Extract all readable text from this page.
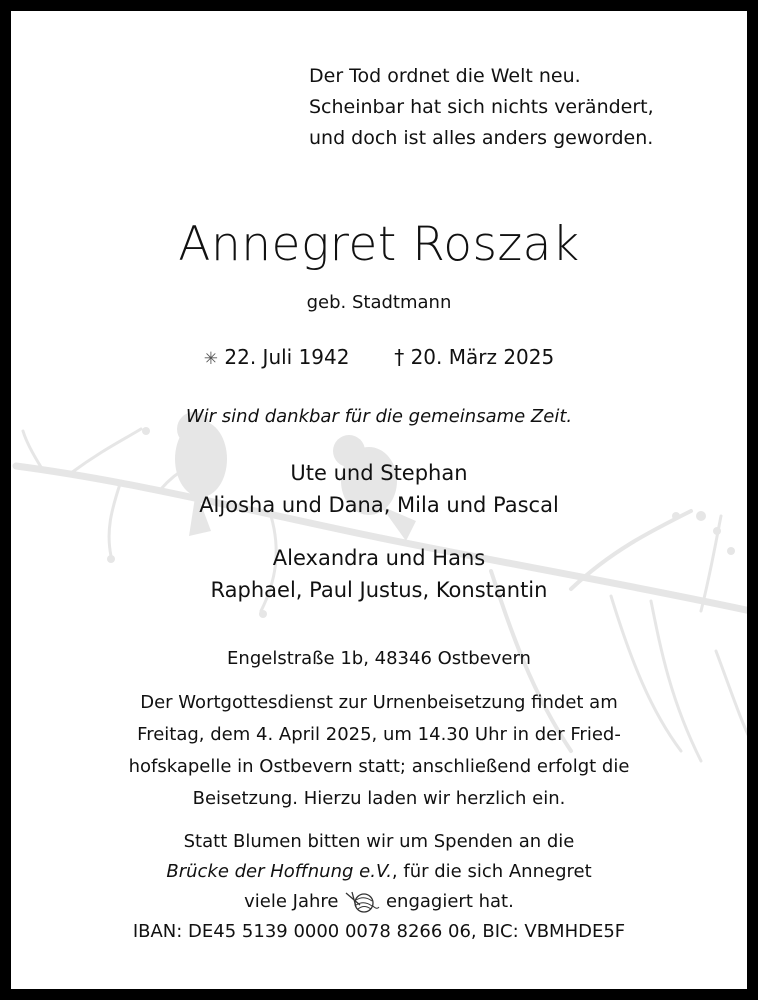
Der Tod ordnet die Welt neu.
Scheinbar hat sich nichts verändert,
und doch ist alles anders geworden.
Annegret Roszak
geb. Stadtmann
✳ 22. Juli 1942 † 20. März 2025
Wir sind dankbar für die gemeinsame Zeit.
Ute und Stephan
Aljosha und Dana, Mila und Pascal
Alexandra und Hans
Raphael, Paul Justus, Konstantin
Engelstraße 1b, 48346 Ostbevern
Der Wortgottesdienst zur Urnenbeisetzung findet am
Freitag, dem 4. April 2025, um 14.30 Uhr in der Fried-
hofskapelle in Ostbevern statt; anschließend erfolgt die
Beisetzung. Hierzu laden wir herzlich ein.
Statt Blumen bitten wir um Spenden an die
Brücke der Hoffnung e.V., für die sich Annegret
viele Jahre	engagiert hat.
IBAN: DE45 5139 0000 0078 8266 06, BIC: VBMHDE5F
